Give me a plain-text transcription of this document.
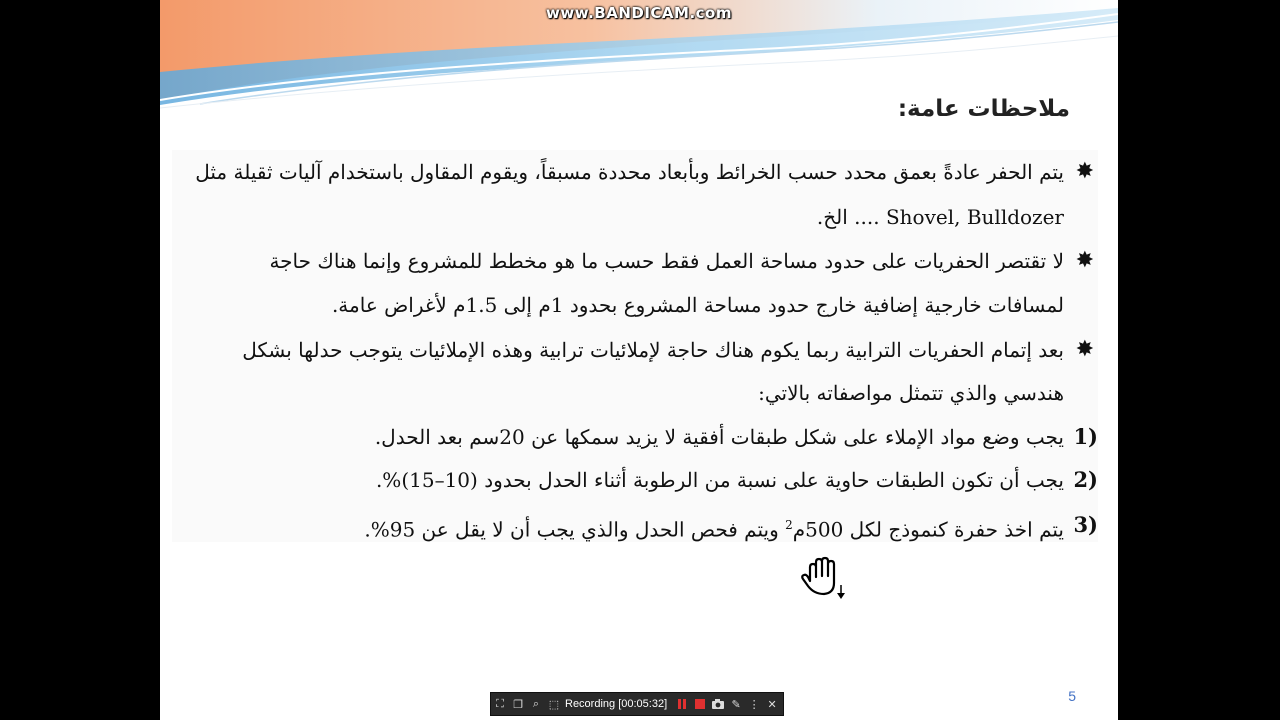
www.BANDICAM.com
ملاحظات عامة:
✸
يتم الحفر عادةً بعمق محدد حسب الخرائط وبأبعاد محددة مسبقاً، ويقوم المقاول باستخدام آليات ثقيلة مثل
Shovel, Bulldozer .... الخ.
✸
لا تقتصر الحفريات على حدود مساحة العمل فقط حسب ما هو مخطط للمشروع وإنما هناك حاجة
لمسافات خارجية إضافية خارج حدود مساحة المشروع بحدود 1م إلى 1.5م لأغراض عامة.
✸
بعد إتمام الحفريات الترابية ربما يكوم هناك حاجة لإملائيات ترابية وهذه الإملائيات يتوجب حدلها بشكل
هندسي والذي تتمثل مواصفاته بالاتي:
1)
يجب وضع مواد الإملاء على شكل طبقات أفقية لا يزيد سمكها عن 20سم بعد الحدل.
2)
يجب أن تكون الطبقات حاوية على نسبة من الرطوبة أثناء الحدل بحدود (10–15)%.
3)
يتم اخذ حفرة كنموذج لكل 500م$^2$ ويتم فحص الحدل والذي يجب أن لا يقل عن 95%.
5
⛶ ❐ ⌕ ⬚ Recording [00:05:32]	✎ ⋮ ✕
